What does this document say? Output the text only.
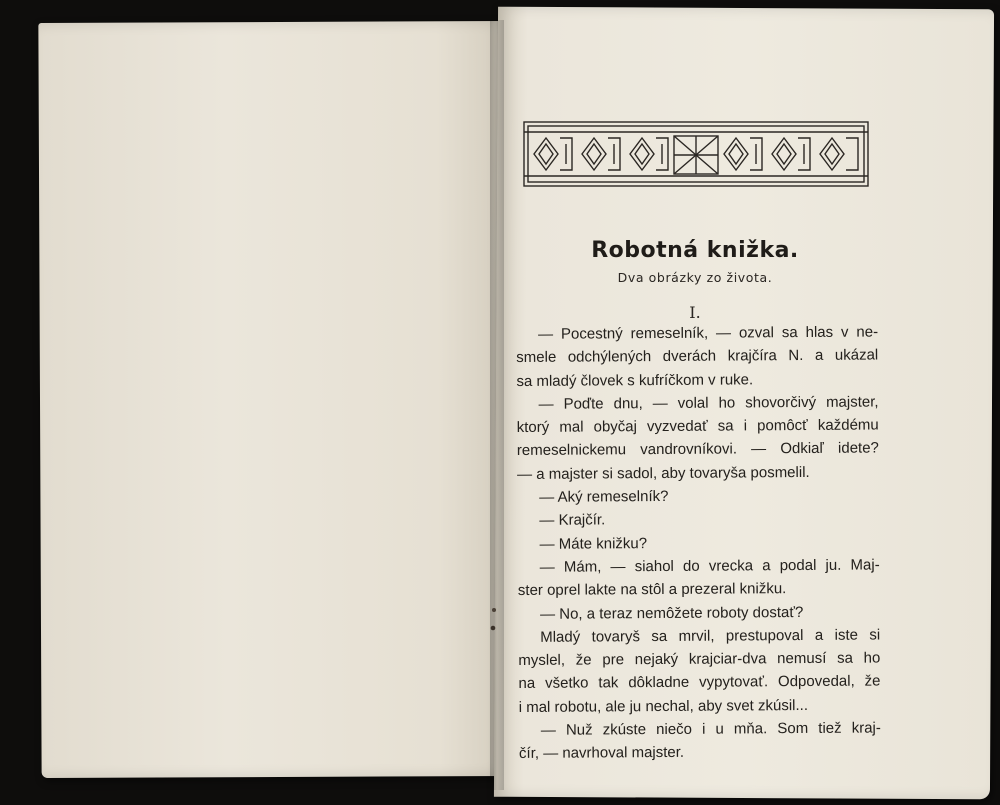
Robotná knižka.
Dva obrázky zo života.
I.
— Pocestný remeselník, — ozval sa hlas v ne-
smele odchýlených dverách krajčíra N. a ukázal
sa mladý človek s kufríčkom v ruke.
— Poďte dnu, — volal ho shovorčivý majster,
ktorý mal obyčaj vyzvedať sa i pomôcť každému
remeselnickemu vandrovníkovi. — Odkiaľ idete?
— a majster si sadol, aby tovaryša posmelil.
— Aký remeselník?
— Krajčír.
— Máte knižku?
— Mám, — siahol do vrecka a podal ju. Maj-
ster oprel lakte na stôl a prezeral knižku.
— No, a teraz nemôžete roboty dostať?
Mladý tovaryš sa mrvil, prestupoval a iste si
myslel, že pre nejaký krajciar-dva nemusí sa ho
na všetko tak dôkladne vypytovať. Odpovedal, že
i mal robotu, ale ju nechal, aby svet zkúsil...
— Nuž zkúste niečo i u mňa. Som tiež kraj-
čír, — navrhoval majster.
